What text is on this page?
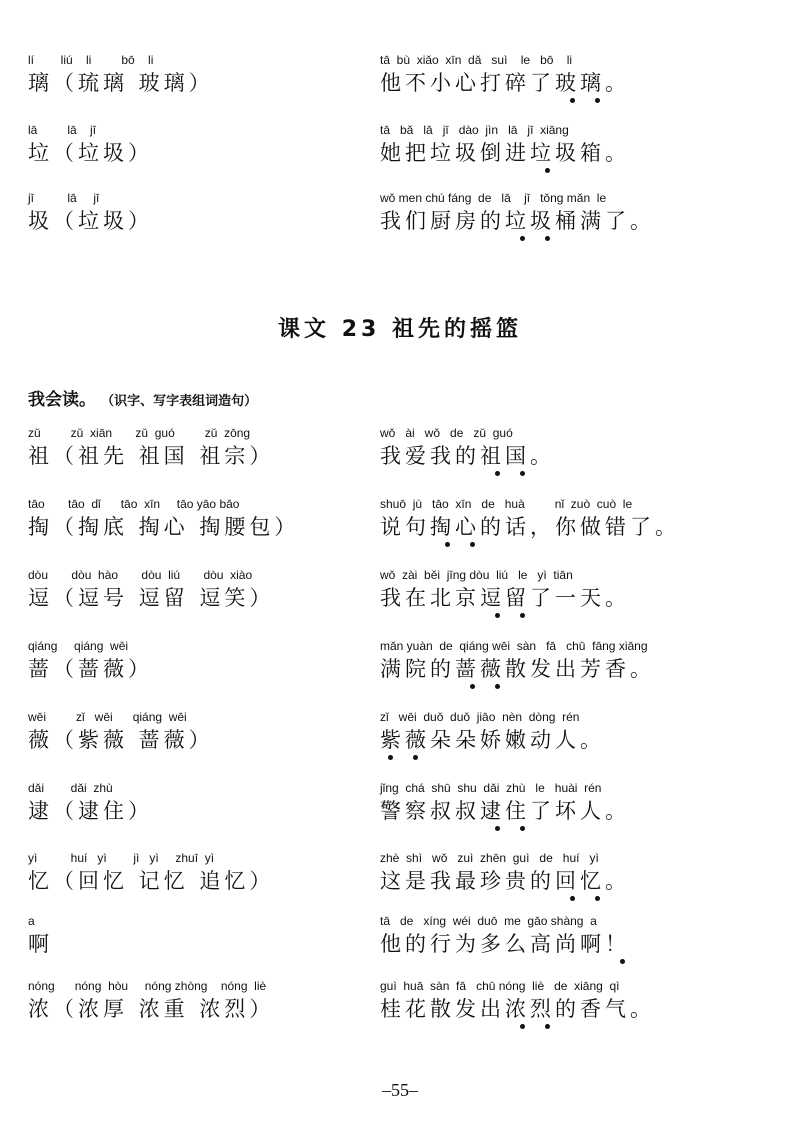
lí        liú    li         bō    li
璃（琉璃 玻璃）
tā  bù  xiǎo  xīn  dǎ   suì    le   bō    li
他不小心打碎了玻璃。
lā         lā    jī
垃（垃圾）
tā   bǎ   lā   jī   dào  jìn   lā   jī  xiāng
她把垃圾倒进垃圾箱。
jī          lā     jī
圾（垃圾）
wǒ men chú fáng  de   lā    jī   tǒng mǎn  le
我们厨房的垃圾桶满了。
课文 23 祖先的摇篮
我会读。 （识字、写字表组词造句）
zǔ         zǔ  xiān       zǔ  guó         zǔ  zōng
祖（祖先 祖国 祖宗）
wǒ   ài   wǒ   de   zǔ  guó
我爱我的祖国。
tāo       tāo  dǐ      tāo  xīn     tāo yāo bāo
掏（掏底 掏心 掏腰包）
shuō  jù   tāo  xīn   de   huà         nǐ  zuò  cuò  le
说句掏心的话，你做错了。
dòu       dòu  hào       dòu  liú       dòu  xiào
逗（逗号 逗留 逗笑）
wǒ  zài  běi  jīng dòu  liú   le   yì  tiān
我在北京逗留了一天。
qiáng     qiáng  wēi
蔷（蔷薇）
mǎn yuàn  de  qiáng wēi  sàn   fā   chū  fāng xiāng
满院的蔷薇散发出芳香。
wēi         zǐ   wēi      qiáng  wēi
薇（紫薇 蔷薇）
zǐ   wēi  duǒ  duǒ  jiāo  nèn  dòng  rén
紫薇朵朵娇嫩动人。
dǎi        dǎi  zhù
逮（逮住）
jǐng  chá  shū  shu  dǎi  zhù   le   huài  rén
警察叔叔逮住了坏人。
yì          huí   yì        jì   yì     zhuī  yì
忆（回忆 记忆 追忆）
zhè  shì   wǒ   zuì  zhēn  guì   de   huí   yì
这是我最珍贵的回忆。
a
啊
tā   de   xíng  wéi  duō  me  gāo shàng  a
他的行为多么高尚啊！
nóng      nóng  hòu     nóng zhòng    nóng  liè
浓（浓厚 浓重 浓烈）
guì  huā  sàn  fā   chū nóng  liè   de  xiāng  qì
桂花散发出浓烈的香气。
–55–
